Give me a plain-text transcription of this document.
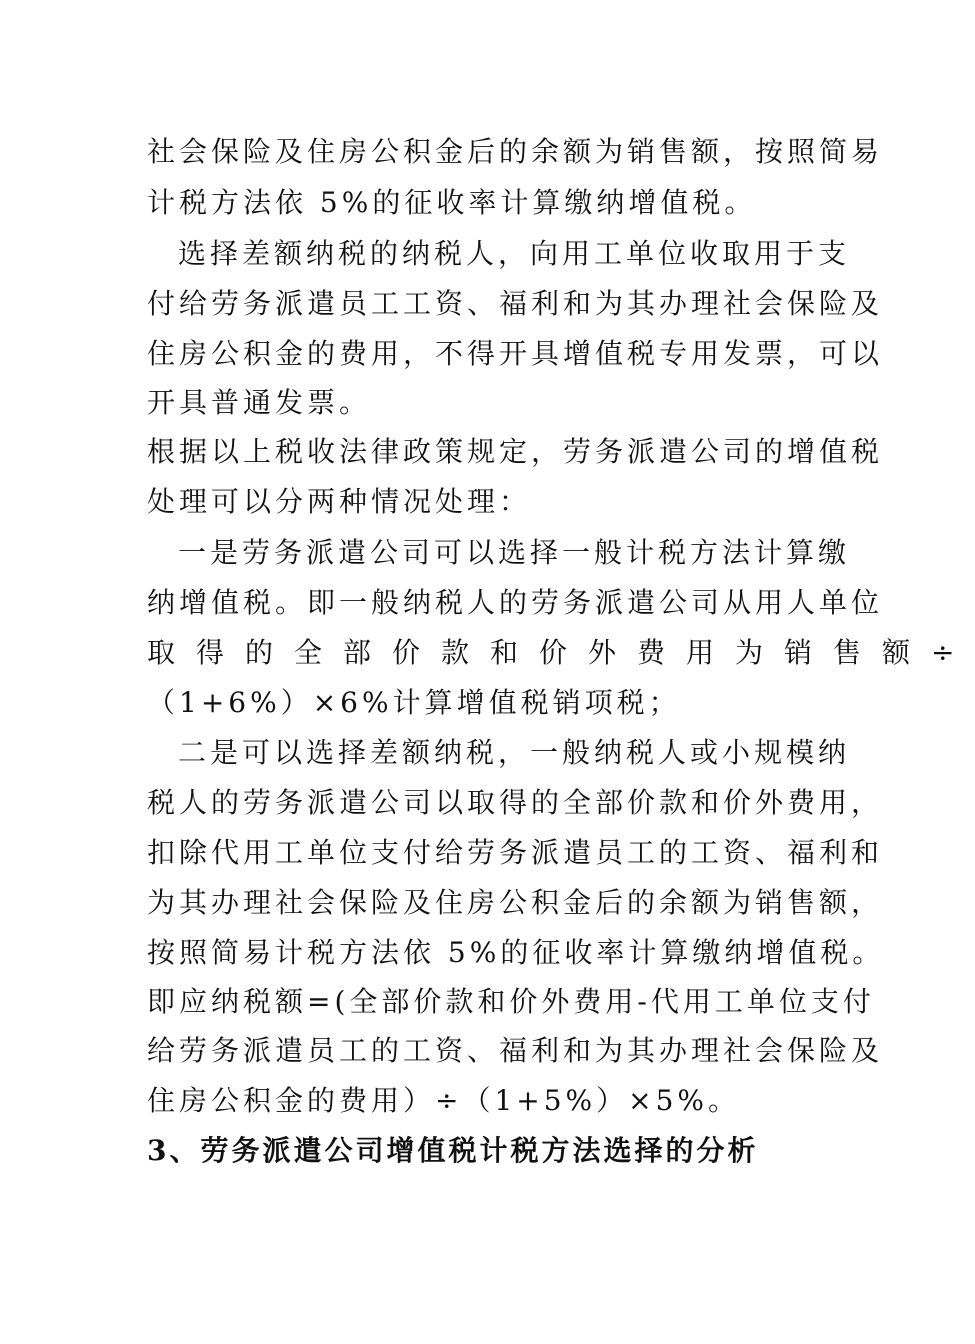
社会保险及住房公积金后的余额为销售额，按照简易
计税方法依 5%的征收率计算缴纳增值税。
选择差额纳税的纳税人，向用工单位收取用于支
付给劳务派遣员工工资、福利和为其办理社会保险及
住房公积金的费用，不得开具增值税专用发票，可以
开具普通发票。
根据以上税收法律政策规定，劳务派遣公司的增值税
处理可以分两种情况处理：
一是劳务派遣公司可以选择一般计税方法计算缴
纳增值税。即一般纳税人的劳务派遣公司从用人单位
取得的全部价款和价外费用为销售额÷
（1+6%）×6%计算增值税销项税；
二是可以选择差额纳税，一般纳税人或小规模纳
税人的劳务派遣公司以取得的全部价款和价外费用，
扣除代用工单位支付给劳务派遣员工的工资、福利和
为其办理社会保险及住房公积金后的余额为销售额，
按照简易计税方法依 5%的征收率计算缴纳增值税。
即应纳税额=(全部价款和价外费用-代用工单位支付
给劳务派遣员工的工资、福利和为其办理社会保险及
住房公积金的费用）÷（1+5%）×5%。
3、劳务派遣公司增值税计税方法选择的分析
